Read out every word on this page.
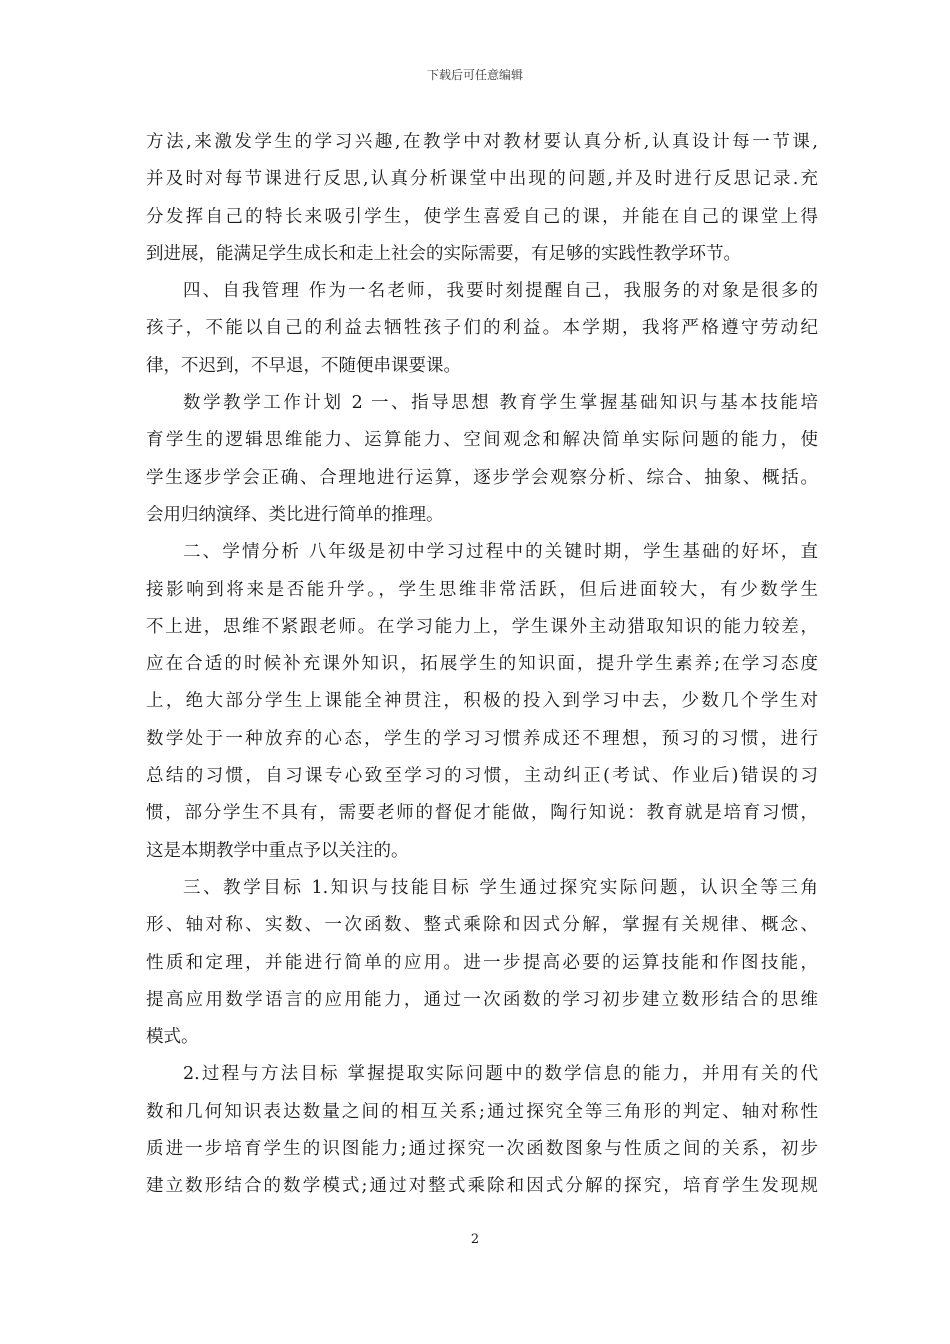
下载后可任意编辑
方法,来激发学生的学习兴趣,在教学中对教材要认真分析,认真设计每一节课,
并及时对每节课进行反思,认真分析课堂中出现的问题,并及时进行反思记录.充
分发挥自己的特长来吸引学生，使学生喜爱自己的课，并能在自己的课堂上得
到进展，能满足学生成长和走上社会的实际需要，有足够的实践性教学环节。
四、自我管理 作为一名老师，我要时刻提醒自己，我服务的对象是很多的
孩子，不能以自己的利益去牺牲孩子们的利益。本学期，我将严格遵守劳动纪
律，不迟到，不早退，不随便串课要课。
数学教学工作计划 2 一、指导思想 教育学生掌握基础知识与基本技能培
育学生的逻辑思维能力、运算能力、空间观念和解决简单实际问题的能力，使
学生逐步学会正确、合理地进行运算，逐步学会观察分析、综合、抽象、概括。
会用归纳演绎、类比进行简单的推理。
二、学情分析 八年级是初中学习过程中的关键时期，学生基础的好坏，直
接影响到将来是否能升学。，学生思维非常活跃，但后进面较大，有少数学生
不上进，思维不紧跟老师。在学习能力上，学生课外主动猎取知识的能力较差，
应在合适的时候补充课外知识，拓展学生的知识面，提升学生素养;在学习态度
上，绝大部分学生上课能全神贯注，积极的投入到学习中去，少数几个学生对
数学处于一种放弃的心态，学生的学习习惯养成还不理想，预习的习惯，进行
总结的习惯，自习课专心致至学习的习惯，主动纠正(考试、作业后)错误的习
惯，部分学生不具有，需要老师的督促才能做，陶行知说：教育就是培育习惯，
这是本期教学中重点予以关注的。
三、教学目标 1.知识与技能目标 学生通过探究实际问题，认识全等三角
形、轴对称、实数、一次函数、整式乘除和因式分解，掌握有关规律、概念、
性质和定理，并能进行简单的应用。进一步提高必要的运算技能和作图技能，
提高应用数学语言的应用能力，通过一次函数的学习初步建立数形结合的思维
模式。
2.过程与方法目标 掌握提取实际问题中的数学信息的能力，并用有关的代
数和几何知识表达数量之间的相互关系;通过探究全等三角形的判定、轴对称性
质进一步培育学生的识图能力;通过探究一次函数图象与性质之间的关系，初步
建立数形结合的数学模式;通过对整式乘除和因式分解的探究，培育学生发现规
2
